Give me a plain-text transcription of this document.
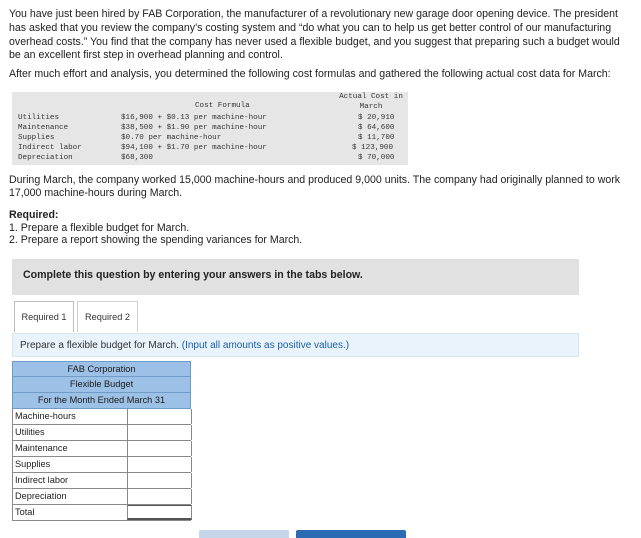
You have just been hired by FAB Corporation, the manufacturer of a revolutionary new garage door opening device. The president has asked that you review the company's costing system and “do what you can to help us get better control of our manufacturing overhead costs.” You find that the company has never used a flexible budget, and you suggest that preparing such a budget would be an excellent first step in overhead planning and control.
After much effort and analysis, you determined the following cost formulas and gathered the following actual cost data for March:
Cost Formula
Actual Cost in
March
Utilities	$16,900 + $0.13 per machine-hour	$ 20,910
Maintenance	$38,500 + $1.90 per machine-hour	$ 64,600
Supplies	$0.70 per machine-hour	$ 11,700
Indirect labor	$94,100 + $1.70 per machine-hour	$ 123,900
Depreciation	$68,300	$ 70,000
During March, the company worked 15,000 machine-hours and produced 9,000 units. The company had originally planned to work 17,000 machine-hours during March.
Required:
1. Prepare a flexible budget for March.
2. Prepare a report showing the spending variances for March.
Complete this question by entering your answers in the tabs below.
Required 1	Required 2
Prepare a flexible budget for March. (Input all amounts as positive values.)
FAB Corporation
Flexible Budget
For the Month Ended March 31
Machine-hours
Utilities
Maintenance
Supplies
Indirect labor
Depreciation
Total
